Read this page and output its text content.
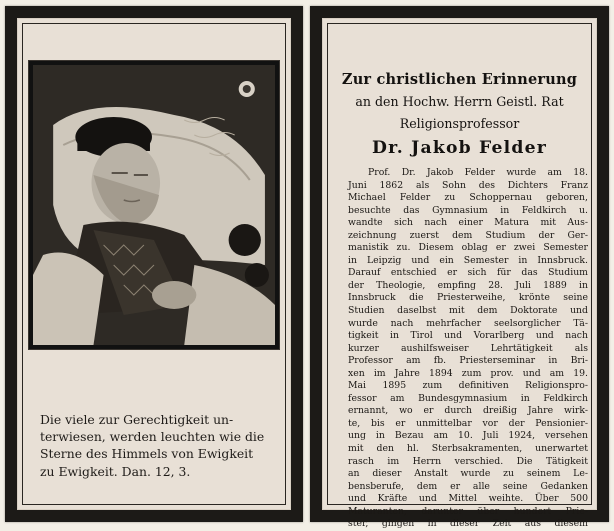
Die viele zur Gerechtigkeit un-
terwiesen, werden leuchten wie die
Sterne des Himmels von Ewigkeit
zu Ewigkeit. Dan. 12, 3.
Zur christlichen Erinnerung
an den Hochw. Herrn Geistl. Rat
Religionsprofessor
Dr. Jakob Felder
Prof. Dr. Jakob Felder wurde am 18.
Juni 1862 als Sohn des Dichters Franz
Michael Felder zu Schoppernau geboren,
besuchte das Gymnasium in Feldkirch u.
wandte sich nach einer Matura mit Aus-
zeichnung zuerst dem Studium der Ger-
manistik zu. Diesem oblag er zwei Semester
in Leipzig und ein Semester in Innsbruck.
Darauf entschied er sich für das Studium
der Theologie, empfing 28. Juli 1889 in
Innsbruck die Priesterweihe, krönte seine
Studien daselbst mit dem Doktorate und
wurde nach mehrfacher seelsorglicher Tä-
tigkeit in Tirol und Vorarlberg und nach
kurzer aushilfsweiser Lehrtätigkeit als
Professor am fb. Priesterseminar in Bri-
xen im Jahre 1894 zum prov. und am 19.
Mai 1895 zum definitiven Religionspro-
fessor am Bundesgymnasium in Feldkirch
ernannt, wo er durch dreißig Jahre wirk-
te, bis er unmittelbar vor der Pensionier-
ung in Bezau am 10. Juli 1924, versehen
mit den hl. Sterbsakramenten, unerwartet
rasch im Herrn verschied. Die Tätigkeit
an dieser Anstalt wurde zu seinem Le-
bensberufe, dem er alle seine Gedanken
und Kräfte und Mittel weihte. Über 500
Maturanten, darunter über hundert Prie-
ster, gingen in dieser Zeit aus diesem
